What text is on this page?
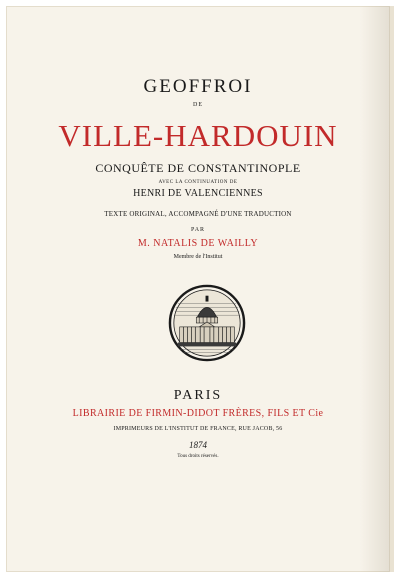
GEOFFROI
DE
VILLE-HARDOUIN
CONQUÊTE DE CONSTANTINOPLE
AVEC LA CONTINUATION DE
HENRI DE VALENCIENNES
TEXTE ORIGINAL, ACCOMPAGNÉ D'UNE TRADUCTION
PAR
M. NATALIS DE WAILLY
Membre de l'Institut
PARIS
LIBRAIRIE DE FIRMIN-DIDOT FRÈRES, FILS ET Cie
IMPRIMEURS DE L'INSTITUT DE FRANCE, RUE JACOB, 56
1874
Tous droits réservés.
